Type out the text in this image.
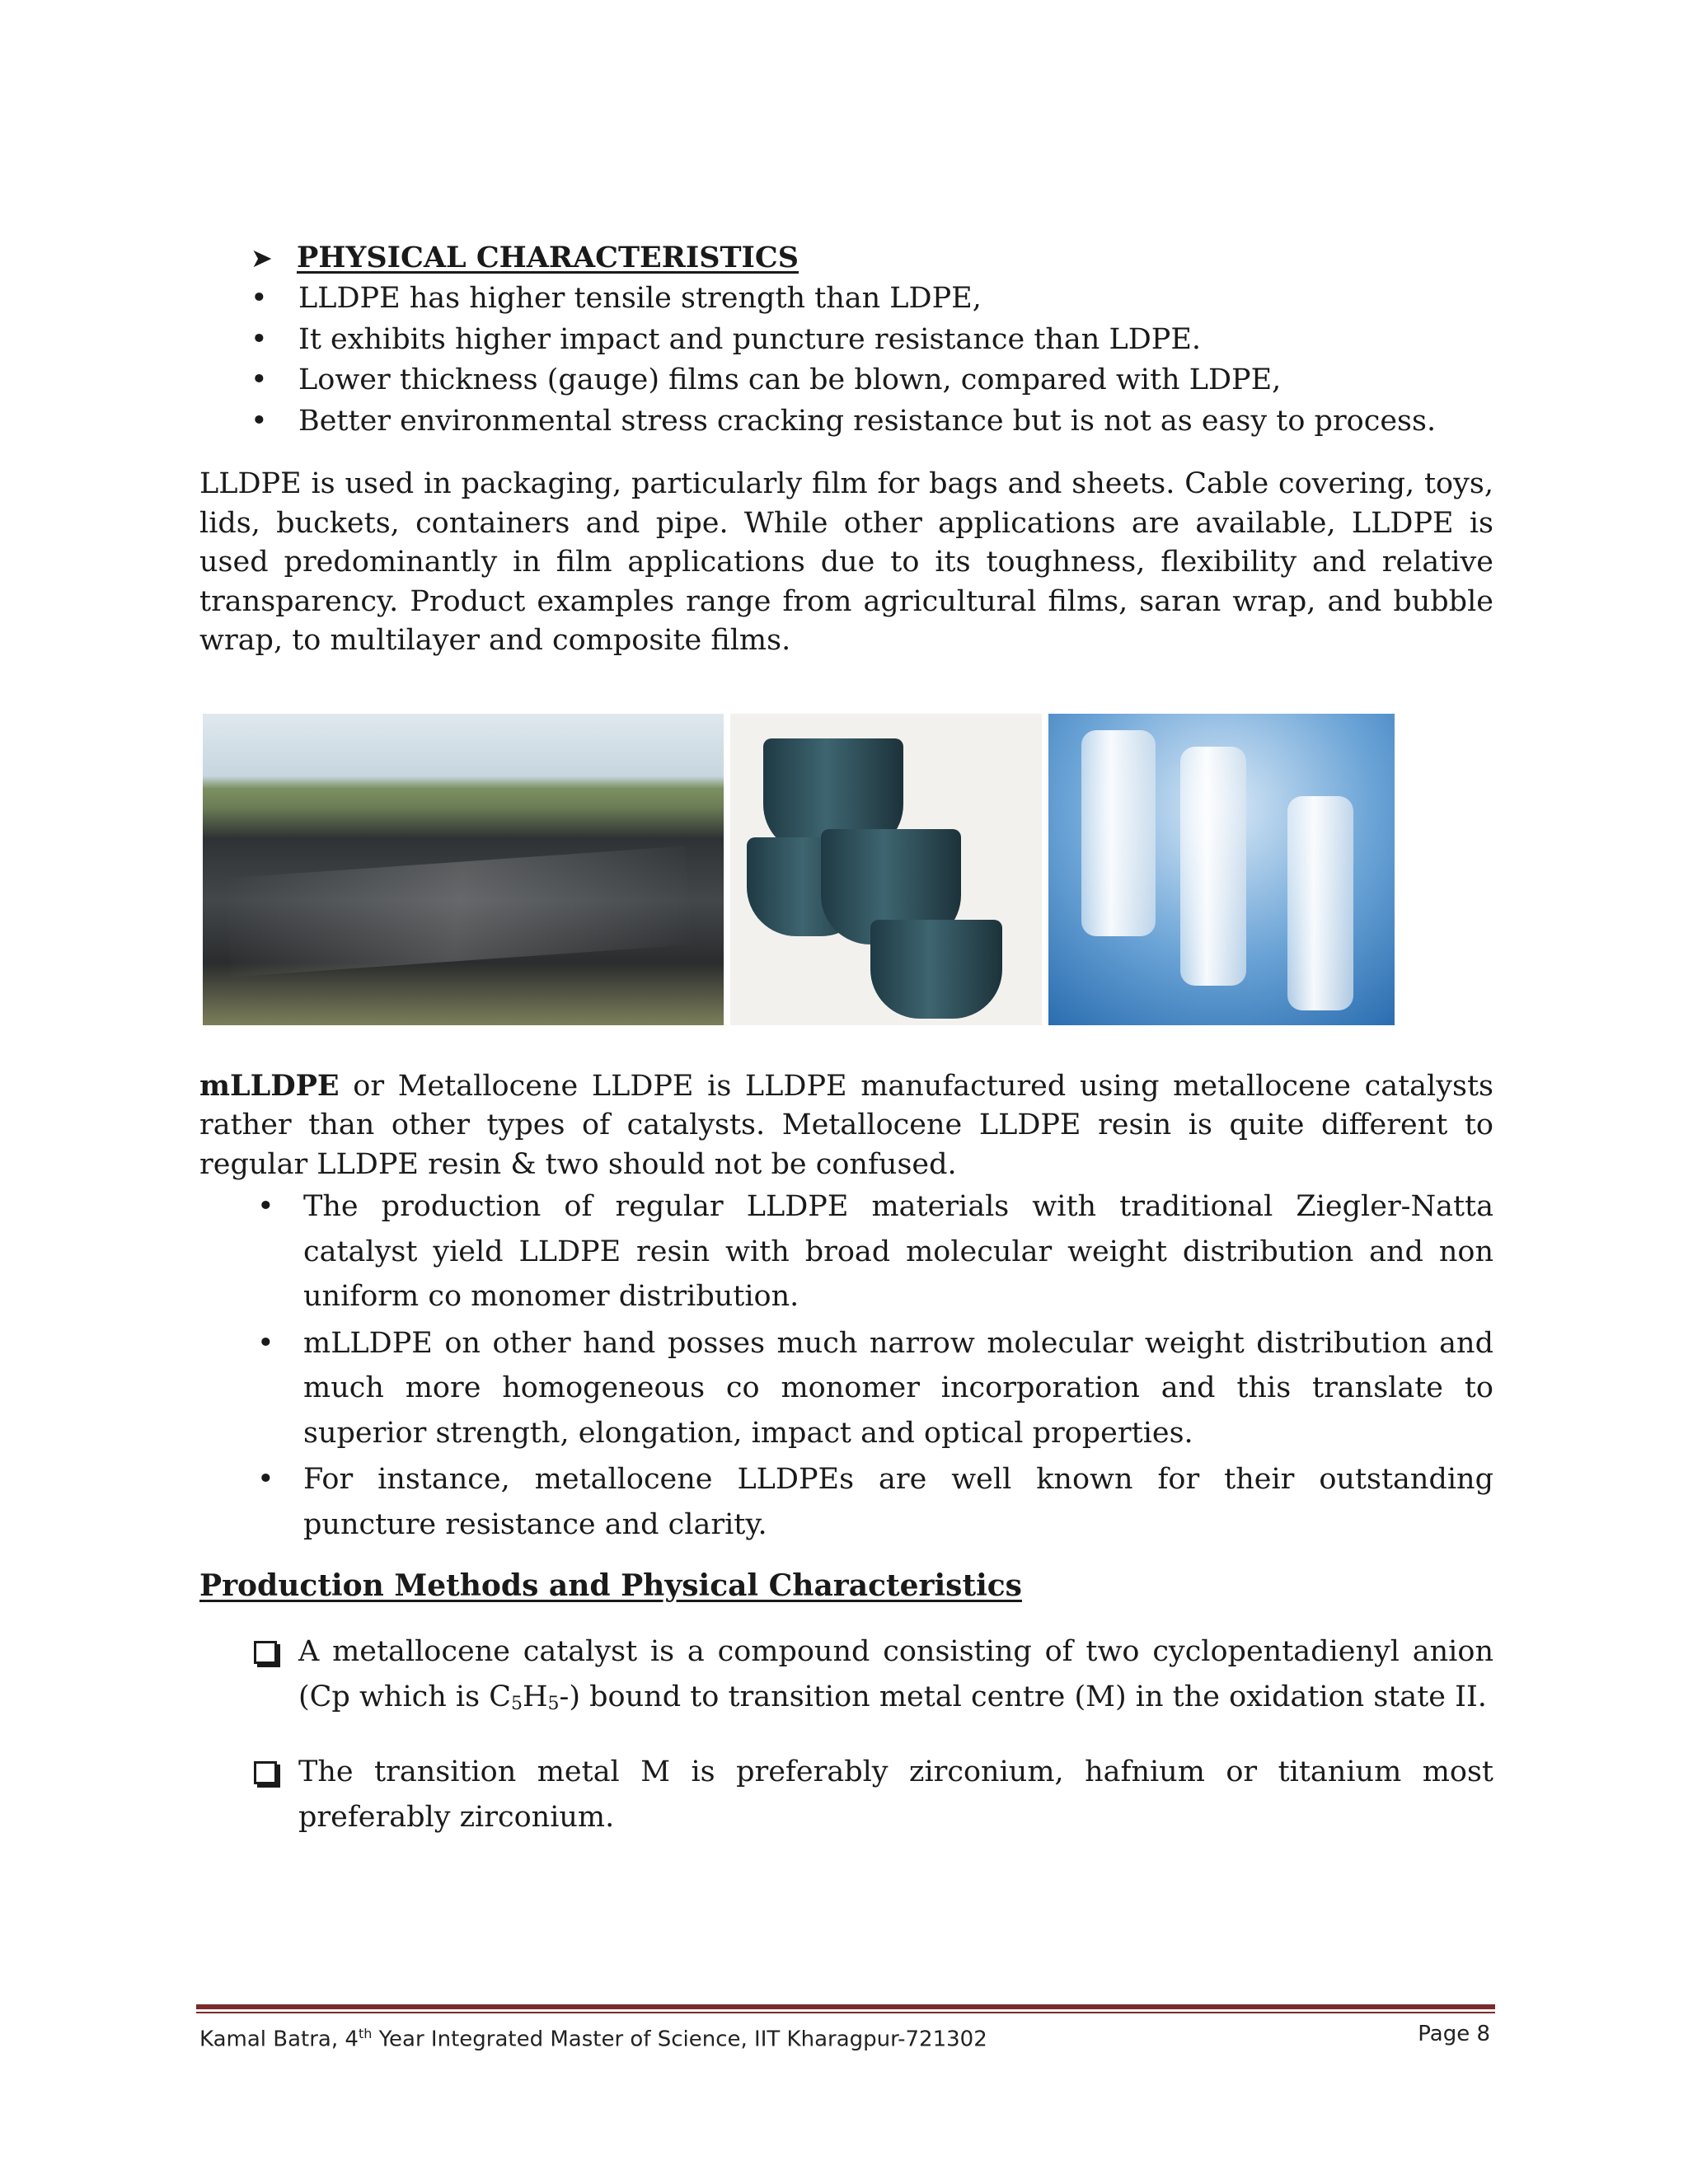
➤ PHYSICAL CHARACTERISTICS
• LLDPE has higher tensile strength than LDPE,
• It exhibits higher impact and puncture resistance than LDPE.
• Lower thickness (gauge) films can be blown, compared with LDPE,
• Better environmental stress cracking resistance but is not as easy to process.

LLDPE is used in packaging, particularly film for bags and sheets. Cable covering, toys, lids, buckets, containers and pipe. While other applications are available, LLDPE is used predominantly in film applications due to its toughness, flexibility and relative transparency. Product examples range from agricultural films, saran wrap, and bubble wrap, to multilayer and composite films.

mLLDPE or Metallocene LLDPE is LLDPE manufactured using metallocene catalysts rather than other types of catalysts. Metallocene LLDPE resin is quite different to regular LLDPE resin & two should not be confused.

• The production of regular LLDPE materials with traditional Ziegler-Natta catalyst yield LLDPE resin with broad molecular weight distribution and non uniform co monomer distribution.
• mLLDPE on other hand posses much narrow molecular weight distribution and much more homogeneous co monomer incorporation and this translate to superior strength, elongation, impact and optical properties.
• For instance, metallocene LLDPEs are well known for their outstanding puncture resistance and clarity.
Production Methods and Physical Characteristics
A metallocene catalyst is a compound consisting of two cyclopentadienyl anion (Cp which is $C_5H_5-$) bound to transition metal centre (M) in the oxidation state II.
The transition metal M is preferably zirconium, hafnium or titanium most preferably zirconium.
Kamal Batra, 4th Year Integrated Master of Science, IIT Kharagpur-721302	Page 8
